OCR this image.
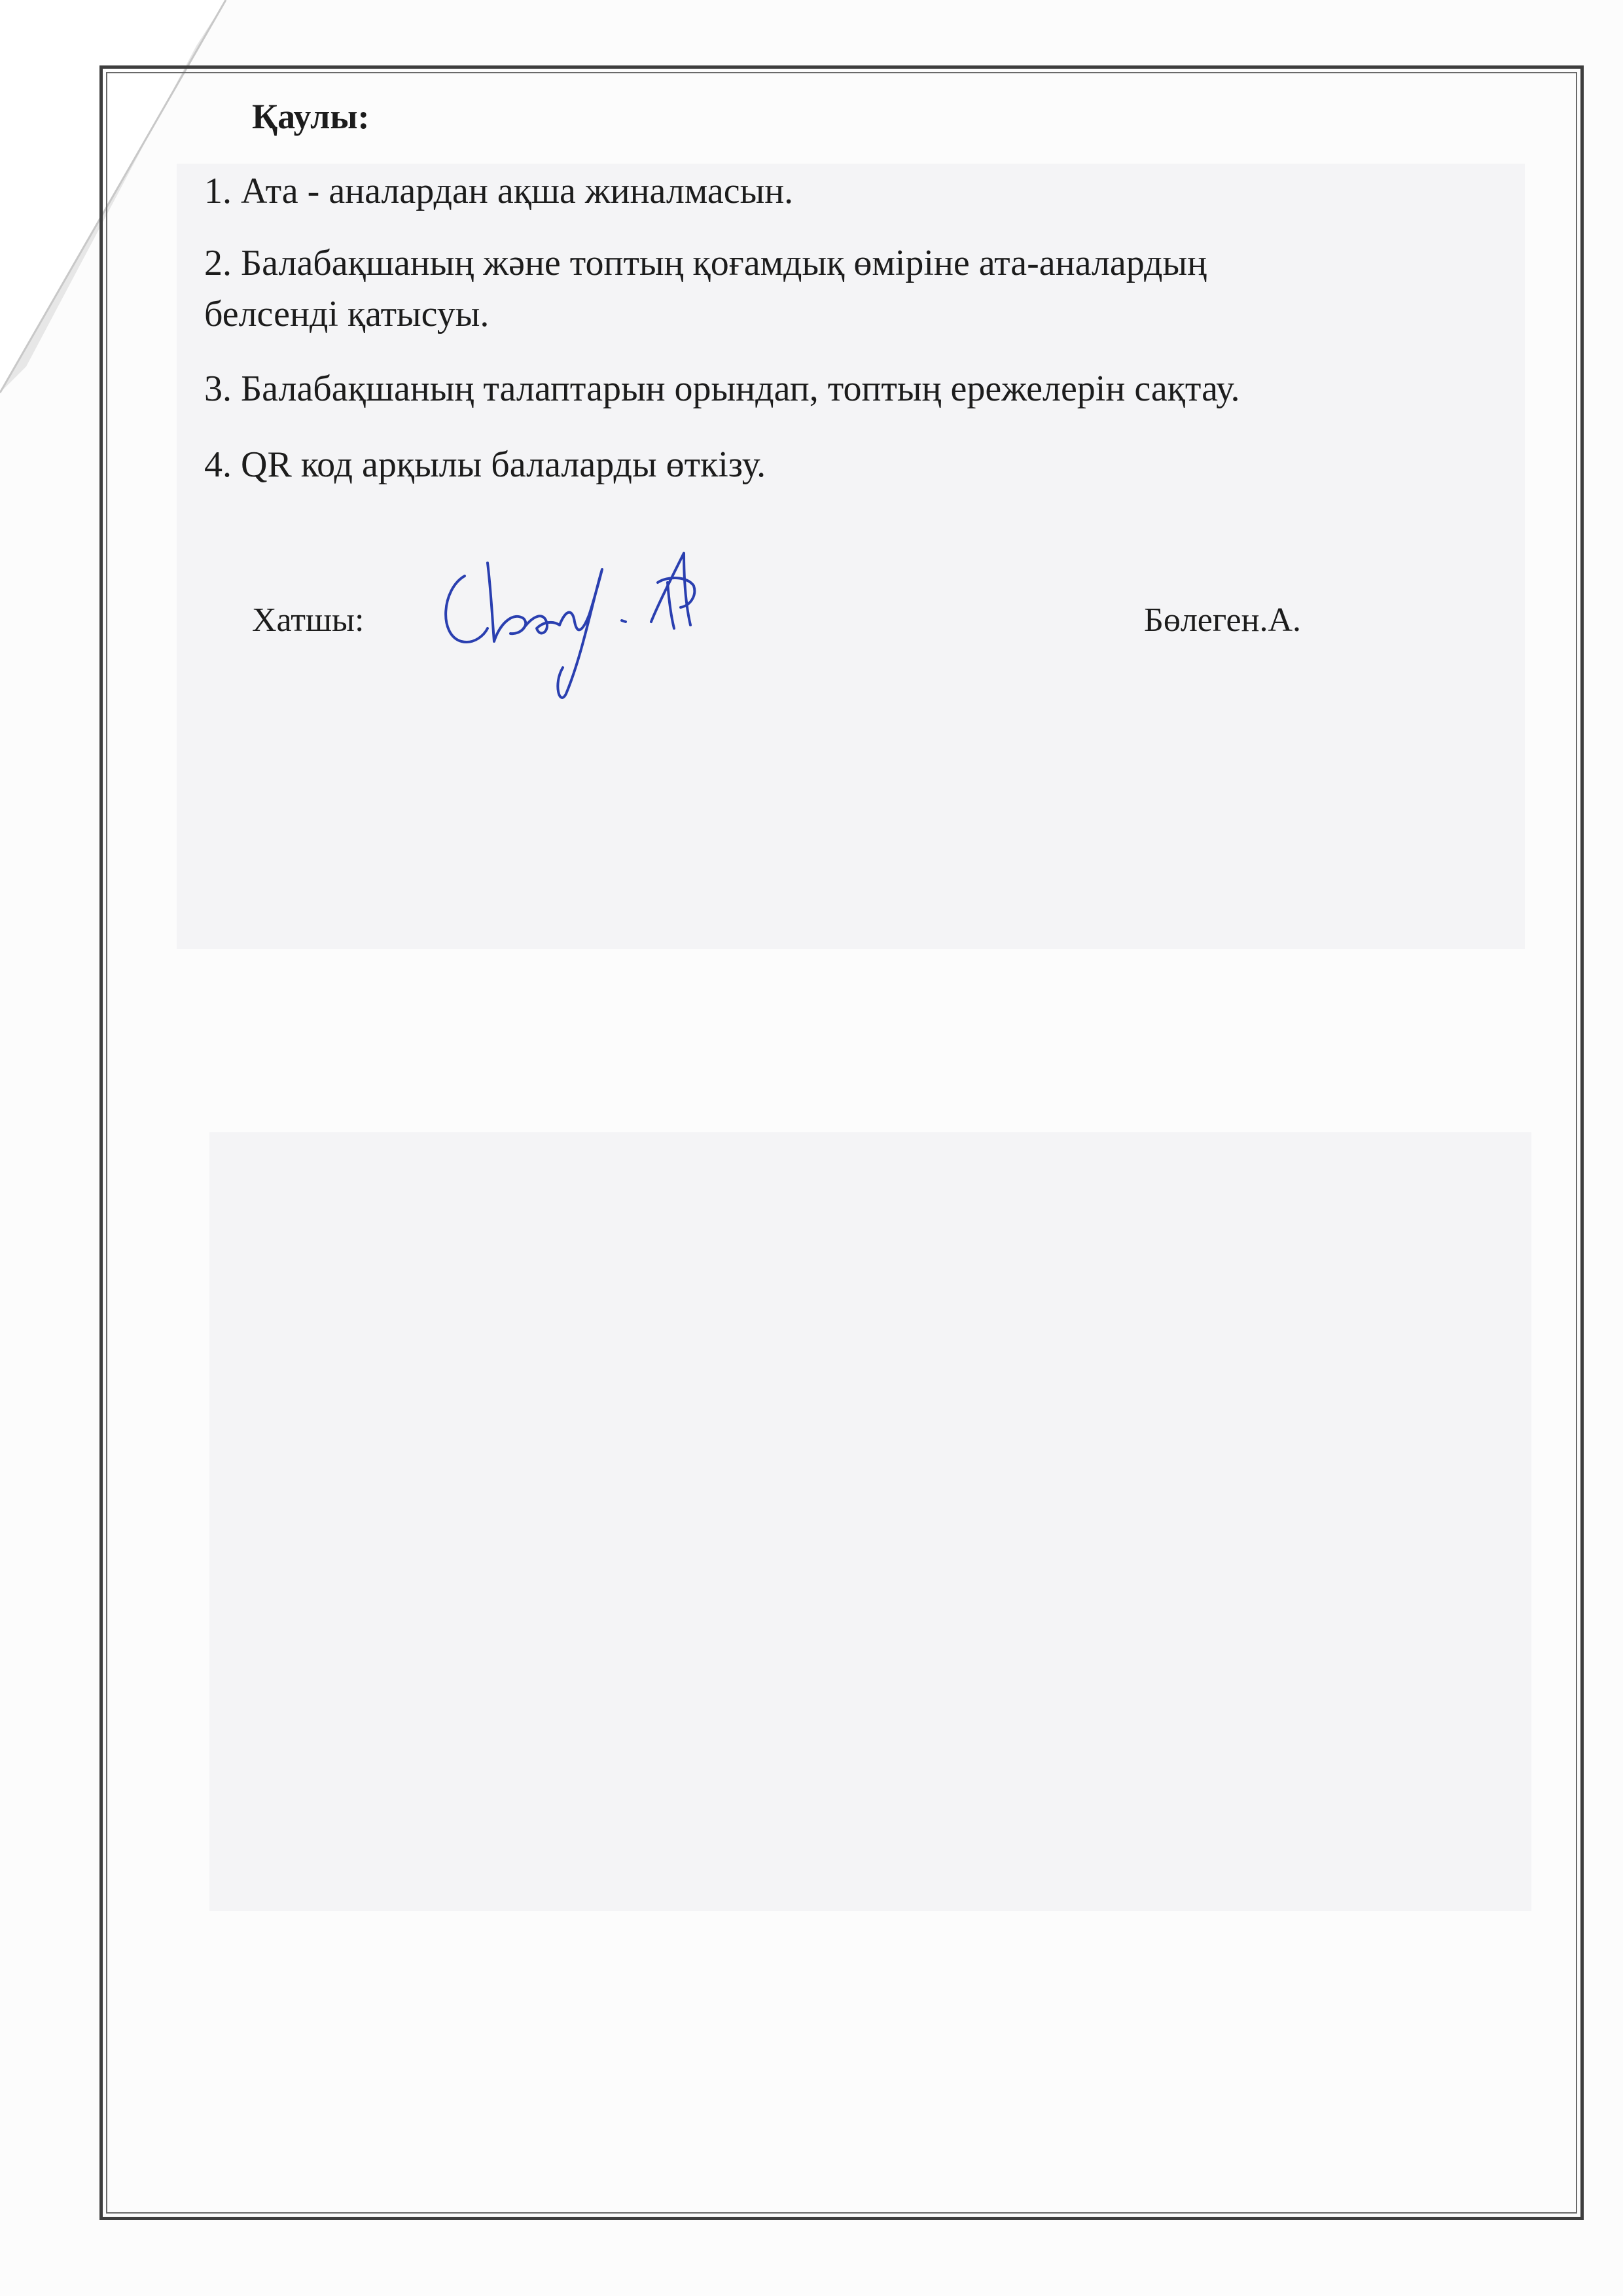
Қаулы:
1. Ата - аналардан ақша жиналмасын.
2. Балабақшаның және топтың қоғамдық өміріне ата-аналардың
белсенді қатысуы.
3. Балабақшаның талаптарын орындап, топтың ережелерін сақтау.
4. QR код арқылы балаларды өткізу.
Хатшы:	Бөлеген.А.
